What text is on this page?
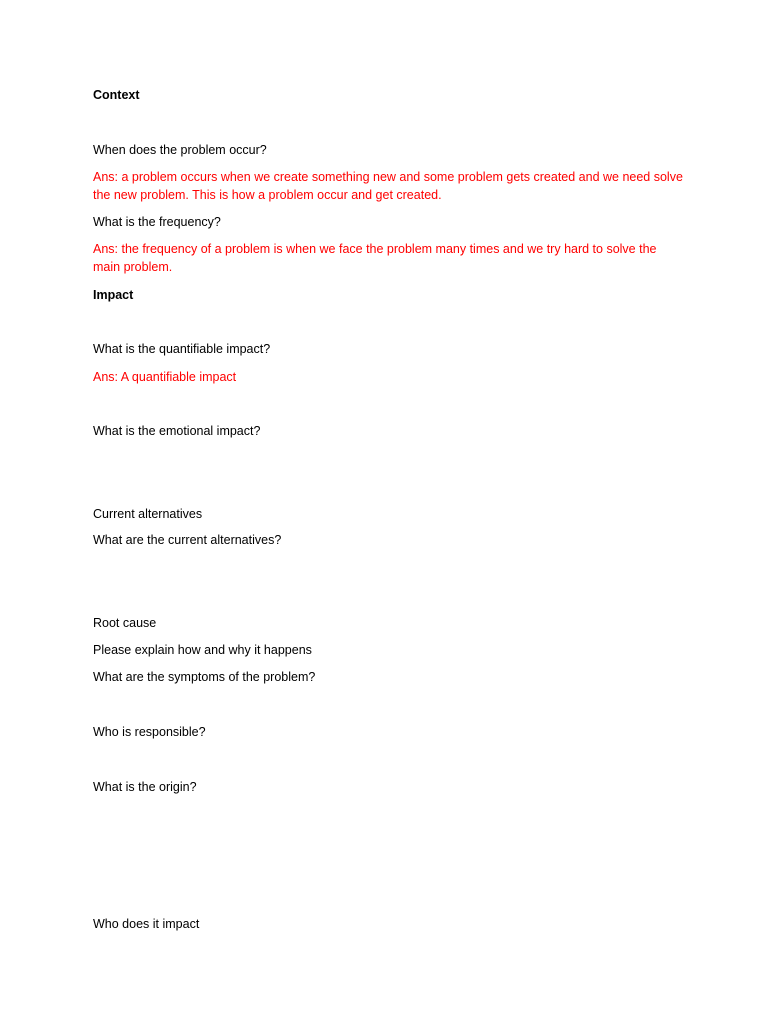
Context
When does the problem occur?
Ans: a problem occurs when we create something new and some problem gets created and we need solve the new problem. This is how a problem occur and get created.
What is the frequency?
Ans: the frequency of a problem is when we face the problem many times and we try hard to solve the main problem.
Impact
What is the quantifiable impact?
Ans: A quantifiable impact
What is the emotional impact?
Current alternatives
What are the current alternatives?
Root cause
Please explain how and why it happens
What are the symptoms of the problem?
Who is responsible?
What is the origin?
Who does it impact
